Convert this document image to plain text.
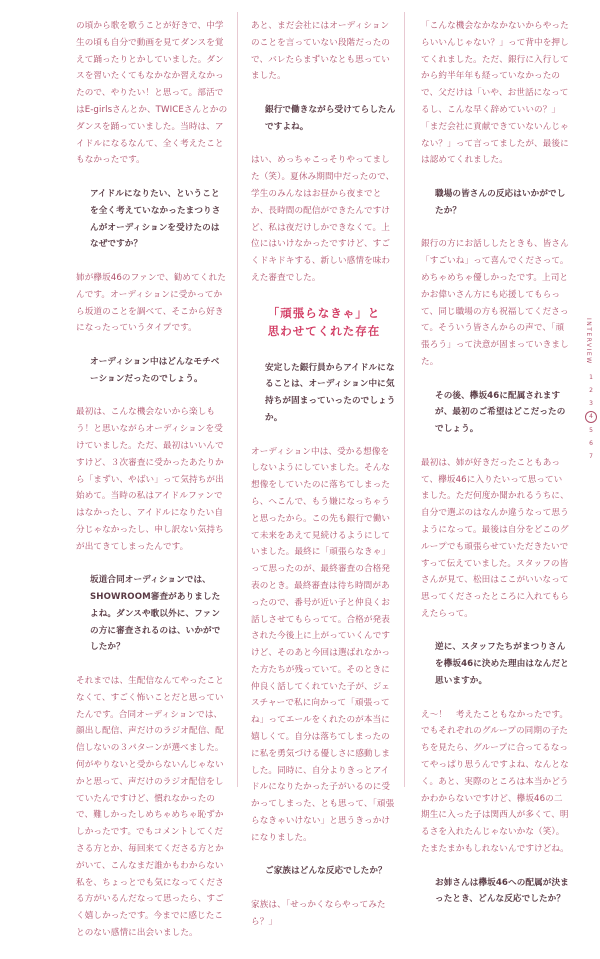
の頃から歌を歌うことが好きで、中学生の頃も自分で動画を見てダンスを覚えて踊ったりとかしていました。ダンスを習いたくてもなかなか習えなかったので、やりたい！と思って。部活ではE-girlsさんとか、TWICEさんとかのダンスを踊っていました。当時は、アイドルになるなんて、全く考えたこともなかったです。
アイドルになりたい、ということを全く考えていなかったまつりさんがオーディションを受けたのはなぜですか？
姉が欅坂46のファンで、勧めてくれたんです。オーディションに受かってから坂道のことを調べて、そこから好きになったっていうタイプです。
オーディション中はどんなモチベーションだったのでしょう。
最初は、こんな機会ないから楽しもう！と思いながらオーディションを受けていました。ただ、最初はいいんですけど、３次審査に受かったあたりから「まずい、やばい」って気持ちが出始めて。当時の私はアイドルファンではなかったし、アイドルになりたい自分じゃなかったし、申し訳ない気持ちが出てきてしまったんです。
坂道合同オーディションでは、SHOWROOM審査がありましたよね。ダンスや歌以外に、ファンの方に審査されるのは、いかがでしたか？
それまでは、生配信なんてやったことなくて、すごく怖いことだと思っていたんです。合同オーディションでは、顔出し配信、声だけのラジオ配信、配信しないの３パターンが選べました。何がやりないと受からないんじゃないかと思って、声だけのラジオ配信をしていたんですけど、慣れなかったので、難しかったしめちゃめちゃ恥ずかしかったです。でもコメントしてくださる方とか、毎回来てくださる方とかがいて、こんなまだ誰かもわからない私を、ちょっとでも気になってくださる方がいるんだなって思ったら、すごく嬉しかったです。今までに感じたことのない感情に出会いました。
あと、まだ会社にはオーディションのことを言っていない段階だったので、バレたらまずいなとも思っていました。
銀行で働きながら受けてらしたんですよね。
はい、めっちゃこっそりやってました（笑）。夏休み期間中だったので、学生のみんなはお昼から夜までとか、長時間の配信ができたんですけど、私は夜だけしかできなくて。上位にはいけなかったですけど、すごくドキドキする、新しい感情を味わえた審査でした。
「頑張らなきゃ」と
思わせてくれた存在
安定した銀行員からアイドルになることは、オーディション中に気持ちが固まっていったのでしょうか。
オーディション中は、受かる想像をしないようにしていました。そんな想像をしていたのに落ちてしまったら、へこんで、もう嫌になっちゃうと思ったから。この先も銀行で働いて未来をあえて見続けるようにしていました。最終に「頑張らなきゃ」って思ったのが、最終審査の合格発表のとき。最終審査は待ち時間があったので、番号が近い子と仲良くお話しさせてもらってて。合格が発表された今後上に上がっていくんですけど、そのあと今回は選ばれなかった方たちが残っていて。そのときに仲良く話してくれていた子が、ジェスチャーで私に向かって「頑張ってね」ってエールをくれたのが本当に嬉しくて。自分は落ちてしまったのに私を勇気づける優しさに感動しました。同時に、自分よりきっとアイドルになりたかった子がいるのに受かってしまった、とも思って、「頑張らなきゃいけない」と思うきっかけになりました。
ご家族はどんな反応でしたか？
家族は、「せっかくならやってみたら？」
「こんな機会なかなかないからやったらいいんじゃない？」って背中を押してくれました。ただ、銀行に入行してから約半年年も経っていなかったので、父だけは「いや、お世話になってるし、こんな早く辞めていいの？」「まだ会社に貢献できていないんじゃない？」って言ってましたが、最後には認めてくれました。
職場の皆さんの反応はいかがでしたか？
銀行の方にお話ししたときも、皆さん「すごいね」って喜んでくださって。めちゃめちゃ優しかったです。上司とかお偉いさん方にも応援してもらって、同じ職場の方も祝福してくださって。そういう皆さんからの声で、「頑張ろう」って決意が固まっていきました。
その後、欅坂46に配属されますが、最初のご希望はどこだったのでしょう。
最初は、姉が好きだったこともあって、欅坂46に入りたいって思っていました。ただ何度か聞かれるうちに、自分で選ぶのはなんか違うなって思うようになって。最後は自分をどこのグループでも頑張らせていただきたいですって伝えていました。スタッフの皆さんが見て、松田はここがいいなって思ってくださったところに入れてもらえたらって。
逆に、スタッフたちがまつりさんを欅坂46に決めた理由はなんだと思いますか。
え～！　考えたこともなかったです。でもそれぞれのグループの同期の子たちを見たら、グループに合ってるなってやっぱり思うんですよね、なんとなく。あと、実際のところは本当かどうかわからないですけど、欅坂46の二期生に入った子は関西人が多くて、明るさを入れたんじゃないかな（笑）。たまたまかもしれないんですけどね。
お姉さんは欅坂46への配属が決まったとき、どんな反応でしたか？
INTERVIEW
1
2
3
4
5
6
7
